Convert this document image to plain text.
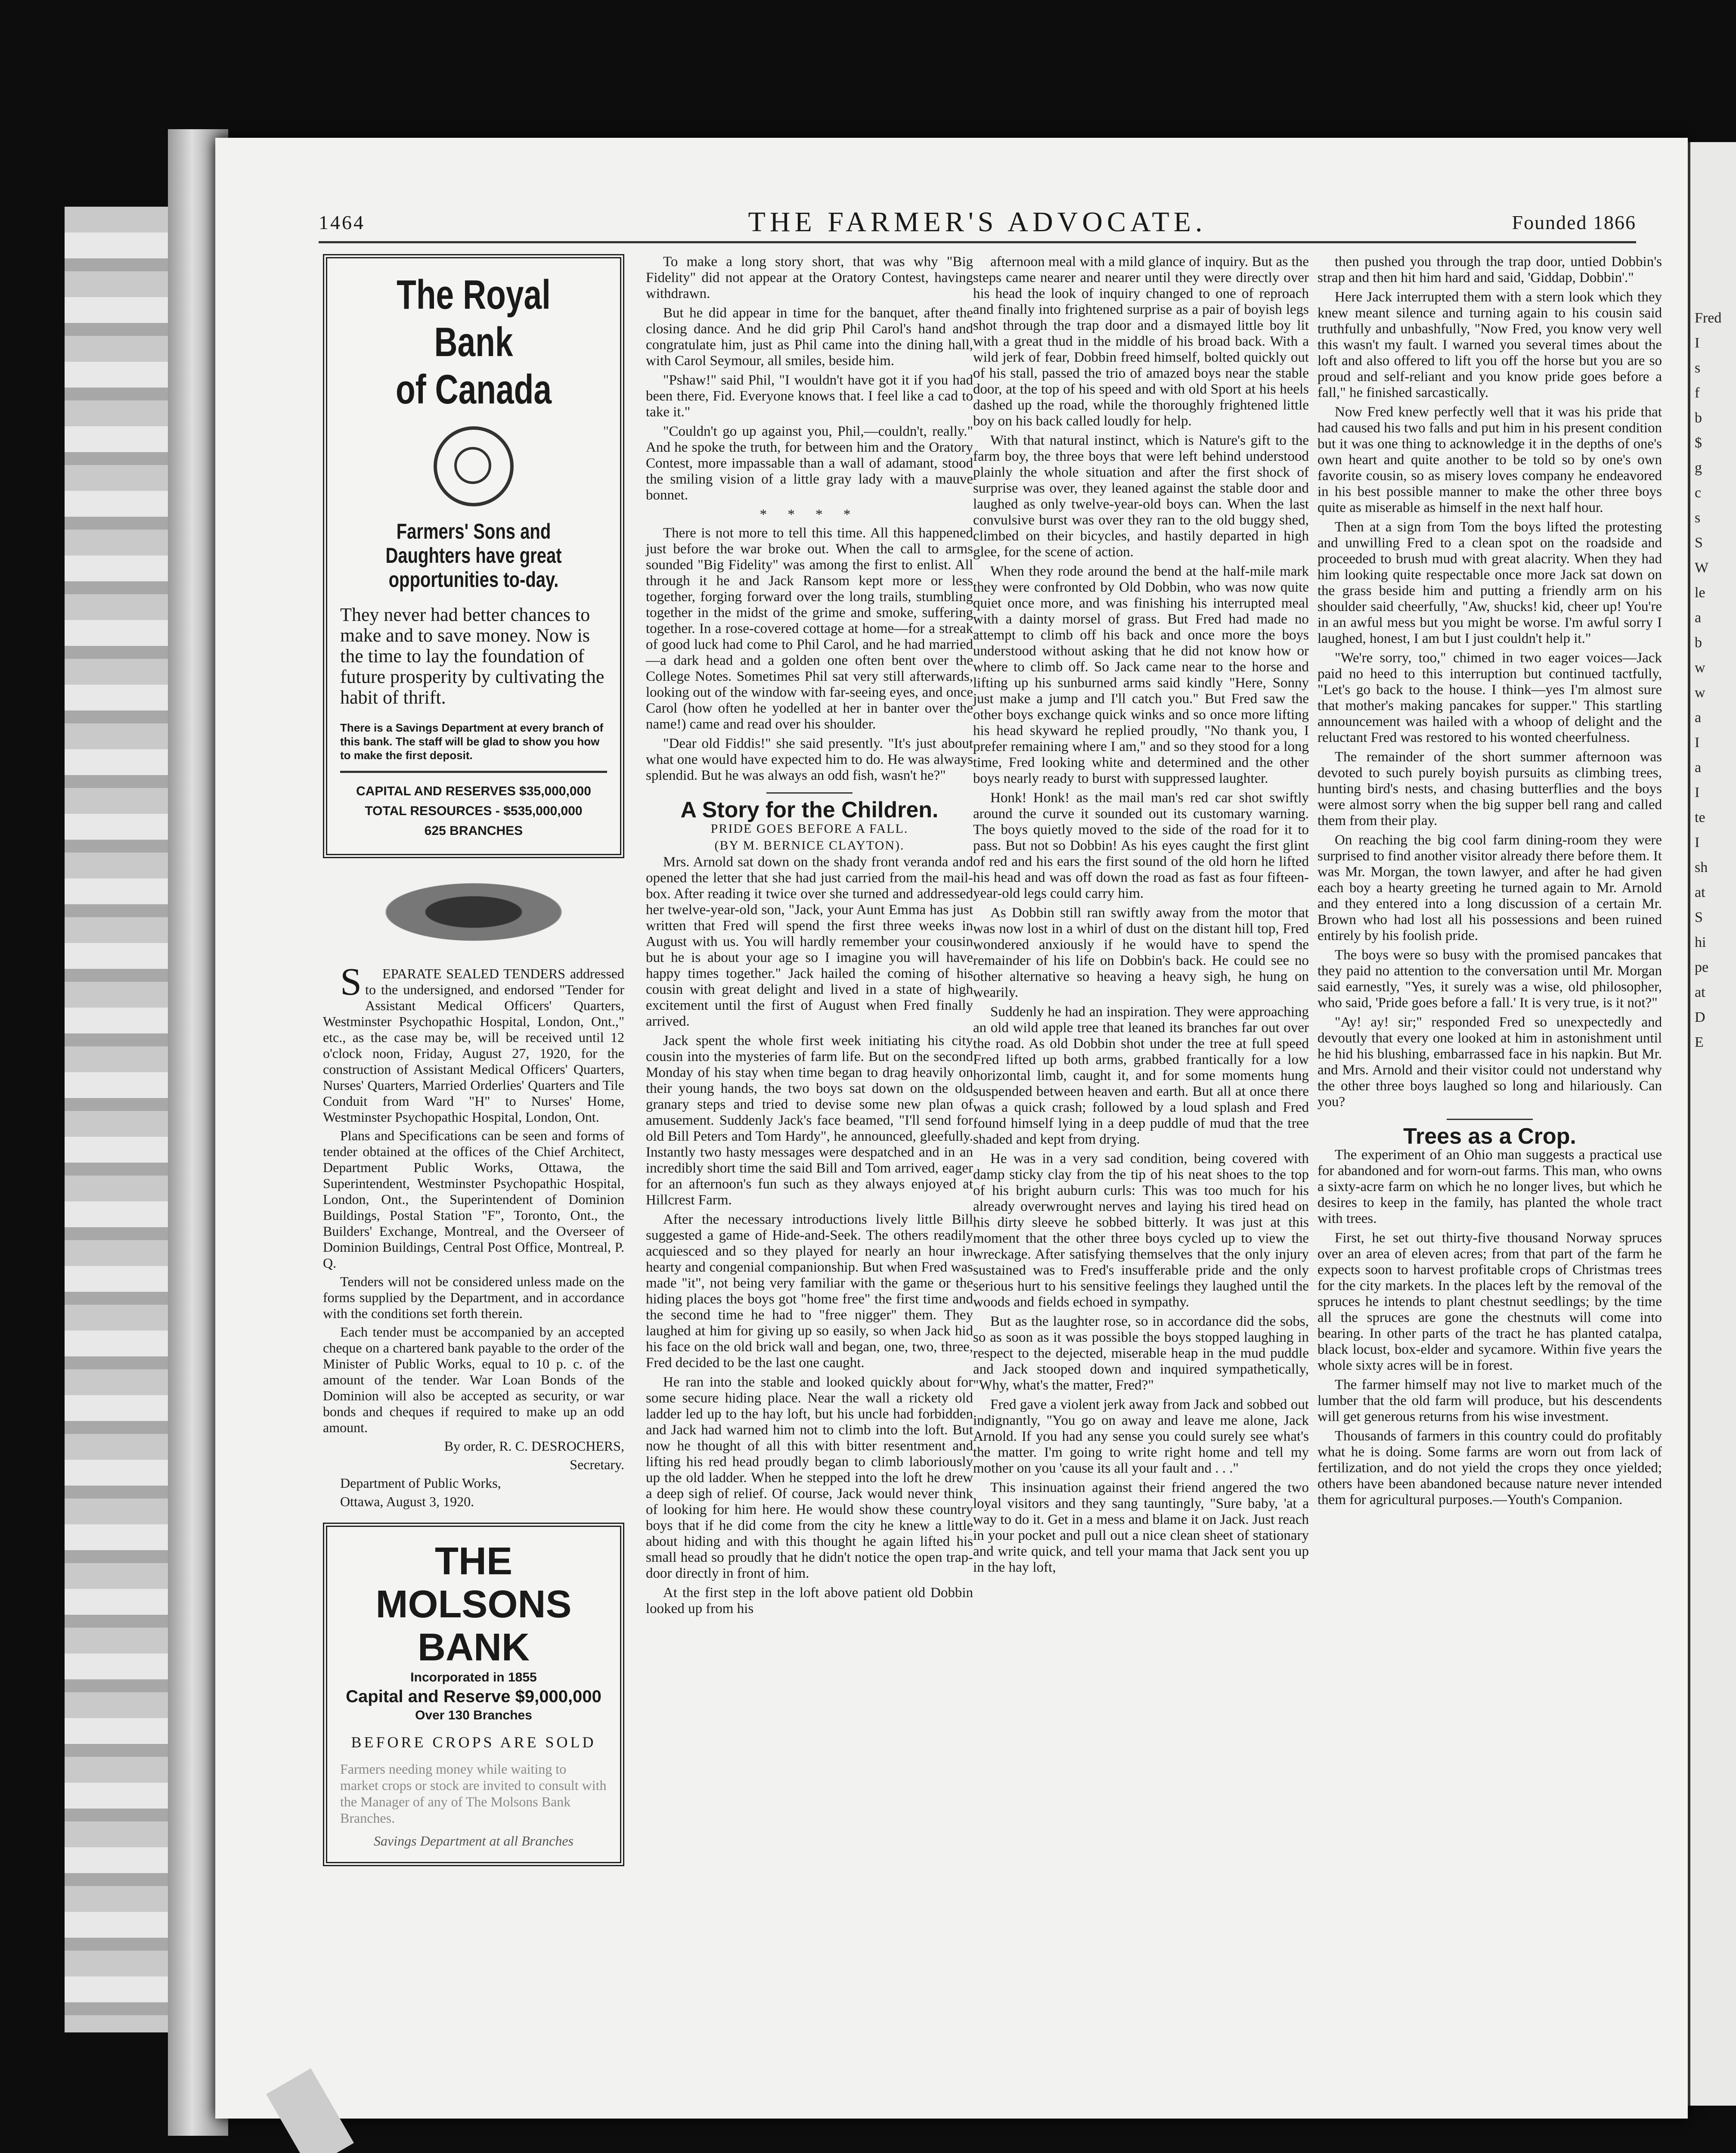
1464	THE FARMER'S ADVOCATE.	Founded 1866
The Royal Bank
of Canada
Farmers' Sons and Daughters have great opportunities to-day.
They never had better chances to make and to save money. Now is the time to lay the foundation of future prosperity by cultivating the habit of thrift.
There is a Savings Department at every branch of this bank. The staff will be glad to show you how to make the first deposit.
CAPITAL AND RESERVES $35,000,000
TOTAL RESOURCES - $535,000,000
625 BRANCHES

S EPARATE SEALED TENDERS addressed to the undersigned, and endorsed "Tender for Assistant Medical Officers' Quarters, Westminster Psychopathic Hospital, London, Ont.," etc., as the case may be, will be received until 12 o'clock noon, Friday, August 27, 1920, for the construction of Assistant Medical Officers' Quarters, Nurses' Quarters, Married Orderlies' Quarters and Tile Conduit from Ward "H" to Nurses' Home, Westminster Psychopathic Hospital, London, Ont.

Plans and Specifications can be seen and forms of tender obtained at the offices of the Chief Architect, Department Public Works, Ottawa, the Superintendent, Westminster Psychopathic Hospital, London, Ont., the Superintendent of Dominion Buildings, Postal Station "F", Toronto, Ont., the Builders' Exchange, Montreal, and the Overseer of Dominion Buildings, Central Post Office, Montreal, P. Q.

Tenders will not be considered unless made on the forms supplied by the Department, and in accordance with the conditions set forth therein.

Each tender must be accompanied by an accepted cheque on a chartered bank payable to the order of the Minister of Public Works, equal to 10 p. c. of the amount of the tender. War Loan Bonds of the Dominion will also be accepted as security, or war bonds and cheques if required to make up an odd amount.

By order, R. C. DESROCHERS,

Secretary.

Department of Public Works,

Ottawa, August 3, 1920.

THE
MOLSONS
BANK
Incorporated in 1855
Capital and Reserve $9,000,000
Over 130 Branches
BEFORE CROPS ARE SOLD
Farmers needing money while waiting to market crops or stock are invited to consult with the Manager of any of The Molsons Bank Branches.
Savings Department at all Branches

To make a long story short, that was why "Big Fidelity" did not appear at the Oratory Contest, having withdrawn.

But he did appear in time for the banquet, after the closing dance. And he did grip Phil Carol's hand and congratulate him, just as Phil came into the dining hall, with Carol Seymour, all smiles, beside him.

"Pshaw!" said Phil, "I wouldn't have got it if you had been there, Fid. Everyone knows that. I feel like a cad to take it."

"Couldn't go up against you, Phil,—couldn't, really." And he spoke the truth, for between him and the Oratory Contest, more impassable than a wall of adamant, stood the smiling vision of a little gray lady with a mauve bonnet.

* * * *

There is not more to tell this time. All this happened just before the war broke out. When the call to arms sounded "Big Fidelity" was among the first to enlist. All through it he and Jack Ransom kept more or less together, forging forward over the long trails, stumbling together in the midst of the grime and smoke, suffering together. In a rose-covered cottage at home—for a streak of good luck had come to Phil Carol, and he had married—a dark head and a golden one often bent over the College Notes. Sometimes Phil sat very still afterwards, looking out of the window with far-seeing eyes, and once Carol (how often he yodelled at her in banter over the name!) came and read over his shoulder.

"Dear old Fiddis!" she said presently. "It's just about what one would have expected him to do. He was always splendid. But he was always an odd fish, wasn't he?"

A Story for the Children.
PRIDE GOES BEFORE A FALL.
(BY M. BERNICE CLAYTON).

Mrs. Arnold sat down on the shady front veranda and opened the letter that she had just carried from the mail-box. After reading it twice over she turned and addressed her twelve-year-old son, "Jack, your Aunt Emma has just written that Fred will spend the first three weeks in August with us. You will hardly remember your cousin but he is about your age so I imagine you will have happy times together." Jack hailed the coming of his cousin with great delight and lived in a state of high excitement until the first of August when Fred finally arrived.

Jack spent the whole first week initiating his city cousin into the mysteries of farm life. But on the second Monday of his stay when time began to drag heavily on their young hands, the two boys sat down on the old granary steps and tried to devise some new plan of amusement. Suddenly Jack's face beamed, "I'll send for old Bill Peters and Tom Hardy", he announced, gleefully. Instantly two hasty messages were despatched and in an incredibly short time the said Bill and Tom arrived, eager for an afternoon's fun such as they always enjoyed at Hillcrest Farm.

After the necessary introductions lively little Bill suggested a game of Hide-and-Seek. The others readily acquiesced and so they played for nearly an hour in hearty and congenial companionship. But when Fred was made "it", not being very familiar with the game or the hiding places the boys got "home free" the first time and the second time he had to "free nigger" them. They laughed at him for giving up so easily, so when Jack hid his face on the old brick wall and began, one, two, three, Fred decided to be the last one caught.

He ran into the stable and looked quickly about for some secure hiding place. Near the wall a rickety old ladder led up to the hay loft, but his uncle had forbidden and Jack had warned him not to climb into the loft. But now he thought of all this with bitter resentment and lifting his red head proudly began to climb laboriously up the old ladder. When he stepped into the loft he drew a deep sigh of relief. Of course, Jack would never think of looking for him here. He would show these country boys that if he did come from the city he knew a little about hiding and with this thought he again lifted his small head so proudly that he didn't notice the open trap-door directly in front of him.

At the first step in the loft above patient old Dobbin looked up from his

afternoon meal with a mild glance of inquiry. But as the steps came nearer and nearer until they were directly over his head the look of inquiry changed to one of reproach and finally into frightened surprise as a pair of boyish legs shot through the trap door and a dismayed little boy lit with a great thud in the middle of his broad back. With a wild jerk of fear, Dobbin freed himself, bolted quickly out of his stall, passed the trio of amazed boys near the stable door, at the top of his speed and with old Sport at his heels dashed up the road, while the thoroughly frightened little boy on his back called loudly for help.

With that natural instinct, which is Nature's gift to the farm boy, the three boys that were left behind understood plainly the whole situation and after the first shock of surprise was over, they leaned against the stable door and laughed as only twelve-year-old boys can. When the last convulsive burst was over they ran to the old buggy shed, climbed on their bicycles, and hastily departed in high glee, for the scene of action.

When they rode around the bend at the half-mile mark they were confronted by Old Dobbin, who was now quite quiet once more, and was finishing his interrupted meal with a dainty morsel of grass. But Fred had made no attempt to climb off his back and once more the boys understood without asking that he did not know how or where to climb off. So Jack came near to the horse and lifting up his sunburned arms said kindly "Here, Sonny just make a jump and I'll catch you." But Fred saw the other boys exchange quick winks and so once more lifting his head skyward he replied proudly, "No thank you, I prefer remaining where I am," and so they stood for a long time, Fred looking white and determined and the other boys nearly ready to burst with suppressed laughter.

Honk! Honk! as the mail man's red car shot swiftly around the curve it sounded out its customary warning. The boys quietly moved to the side of the road for it to pass. But not so Dobbin! As his eyes caught the first glint of red and his ears the first sound of the old horn he lifted his head and was off down the road as fast as four fifteen-year-old legs could carry him.

As Dobbin still ran swiftly away from the motor that was now lost in a whirl of dust on the distant hill top, Fred wondered anxiously if he would have to spend the remainder of his life on Dobbin's back. He could see no other alternative so heaving a heavy sigh, he hung on wearily.

Suddenly he had an inspiration. They were approaching an old wild apple tree that leaned its branches far out over the road. As old Dobbin shot under the tree at full speed Fred lifted up both arms, grabbed frantically for a low horizontal limb, caught it, and for some moments hung suspended between heaven and earth. But all at once there was a quick crash; followed by a loud splash and Fred found himself lying in a deep puddle of mud that the tree shaded and kept from drying.

He was in a very sad condition, being covered with damp sticky clay from the tip of his neat shoes to the top of his bright auburn curls: This was too much for his already overwrought nerves and laying his tired head on his dirty sleeve he sobbed bitterly. It was just at this moment that the other three boys cycled up to view the wreckage. After satisfying themselves that the only injury sustained was to Fred's insufferable pride and the only serious hurt to his sensitive feelings they laughed until the woods and fields echoed in sympathy.

But as the laughter rose, so in accordance did the sobs, so as soon as it was possible the boys stopped laughing in respect to the dejected, miserable heap in the mud puddle and Jack stooped down and inquired sympathetically, "Why, what's the matter, Fred?"

Fred gave a violent jerk away from Jack and sobbed out indignantly, "You go on away and leave me alone, Jack Arnold. If you had any sense you could surely see what's the matter. I'm going to write right home and tell my mother on you 'cause its all your fault and . . ."

This insinuation against their friend angered the two loyal visitors and they sang tauntingly, "Sure baby, 'at a way to do it. Get in a mess and blame it on Jack. Just reach in your pocket and pull out a nice clean sheet of stationary and write quick, and tell your mama that Jack sent you up in the hay loft,

then pushed you through the trap door, untied Dobbin's strap and then hit him hard and said, 'Giddap, Dobbin'."

Here Jack interrupted them with a stern look which they knew meant silence and turning again to his cousin said truthfully and unbashfully, "Now Fred, you know very well this wasn't my fault. I warned you several times about the loft and also offered to lift you off the horse but you are so proud and self-reliant and you know pride goes before a fall," he finished sarcastically.

Now Fred knew perfectly well that it was his pride that had caused his two falls and put him in his present condition but it was one thing to acknowledge it in the depths of one's own heart and quite another to be told so by one's own favorite cousin, so as misery loves company he endeavored in his best possible manner to make the other three boys quite as miserable as himself in the next half hour.

Then at a sign from Tom the boys lifted the protesting and unwilling Fred to a clean spot on the roadside and proceeded to brush mud with great alacrity. When they had him looking quite respectable once more Jack sat down on the grass beside him and putting a friendly arm on his shoulder said cheerfully, "Aw, shucks! kid, cheer up! You're in an awful mess but you might be worse. I'm awful sorry I laughed, honest, I am but I just couldn't help it."

"We're sorry, too," chimed in two eager voices—Jack paid no heed to this interruption but continued tactfully, "Let's go back to the house. I think—yes I'm almost sure that mother's making pancakes for supper." This startling announcement was hailed with a whoop of delight and the reluctant Fred was restored to his wonted cheerfulness.

The remainder of the short summer afternoon was devoted to such purely boyish pursuits as climbing trees, hunting bird's nests, and chasing butterflies and the boys were almost sorry when the big supper bell rang and called them from their play.

On reaching the big cool farm dining-room they were surprised to find another visitor already there before them. It was Mr. Morgan, the town lawyer, and after he had given each boy a hearty greeting he turned again to Mr. Arnold and they entered into a long discussion of a certain Mr. Brown who had lost all his possessions and been ruined entirely by his foolish pride.

The boys were so busy with the promised pancakes that they paid no attention to the conversation until Mr. Morgan said earnestly, "Yes, it surely was a wise, old philosopher, who said, 'Pride goes before a fall.' It is very true, is it not?"

"Ay! ay! sir;" responded Fred so unexpectedly and devoutly that every one looked at him in astonishment until he hid his blushing, embarrassed face in his napkin. But Mr. and Mrs. Arnold and their visitor could not understand why the other three boys laughed so long and hilariously. Can you?

Trees as a Crop.

The experiment of an Ohio man suggests a practical use for abandoned and for worn-out farms. This man, who owns a sixty-acre farm on which he no longer lives, but which he desires to keep in the family, has planted the whole tract with trees.

First, he set out thirty-five thousand Norway spruces over an area of eleven acres; from that part of the farm he expects soon to harvest profitable crops of Christmas trees for the city markets. In the places left by the removal of the spruces he intends to plant chestnut seedlings; by the time all the spruces are gone the chestnuts will come into bearing. In other parts of the tract he has planted catalpa, black locust, box-elder and sycamore. Within five years the whole sixty acres will be in forest.

The farmer himself may not live to market much of the lumber that the old farm will produce, but his descendents will get generous returns from his wise investment.

Thousands of farmers in this country could do profitably what he is doing. Some farms are worn out from lack of fertilization, and do not yield the crops they once yielded; others have been abandoned because nature never intended them for agricultural purposes.—Youth's Companion.

Fred
I
s
f
b
$
g
c
s
S
W
le
a
b
w
w
a
I
a
I
te
I
sh
at
S
hi
pe
at
D
E
